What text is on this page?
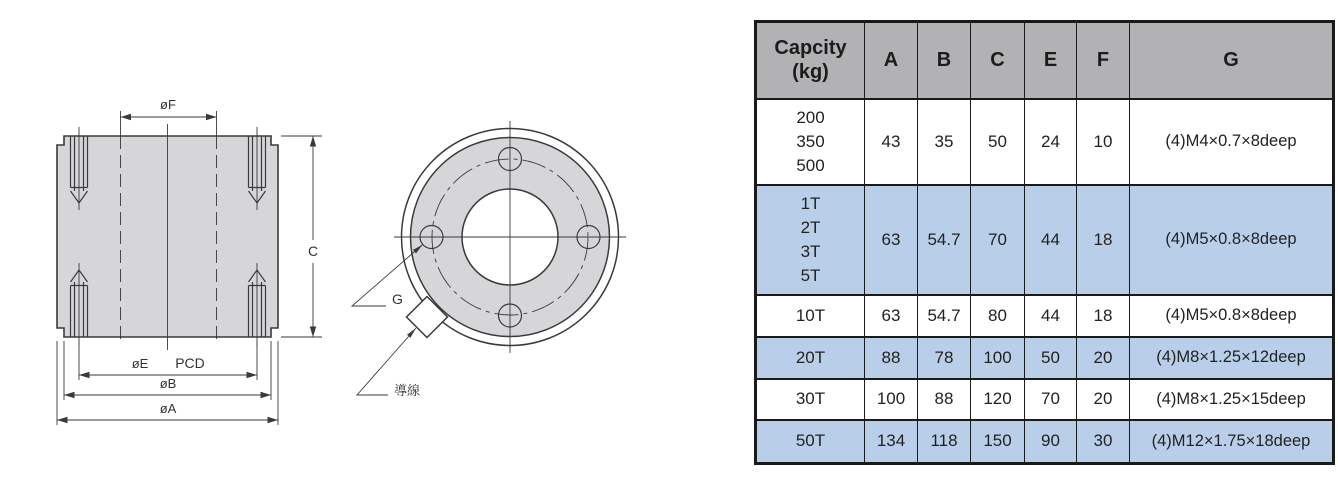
øF
C
øE PCD
øB
øA
G
導線
Capcity
(kg)	A	B	C	E	F	G

200
350
500	43	35	50	24	10	(4)M4×0.7×8deep

1T
2T
3T
5T	63	54.7	70	44	18	(4)M5×0.8×8deep
10T	63	54.7	80	44	18	(4)M5×0.8×8deep
20T	88	78	100	50	20	(4)M8×1.25×12deep
30T	100	88	120	70	20	(4)M8×1.25×15deep
50T	134	118	150	90	30	(4)M12×1.75×18deep
